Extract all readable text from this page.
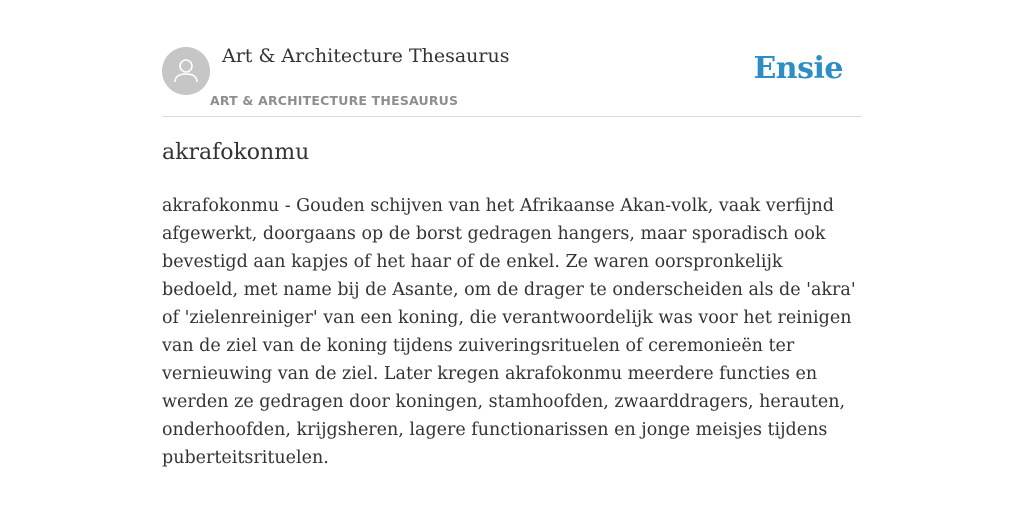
Art & Architecture Thesaurus
ART & ARCHITECTURE THESAURUS
Ensie
akrafokonmu

akrafokonmu - Gouden schijven van het Afrikaanse Akan-volk, vaak verfijnd afgewerkt, doorgaans op de borst gedragen hangers, maar sporadisch ook bevestigd aan kapjes of het haar of de enkel. Ze waren oorspronkelijk bedoeld, met name bij de Asante, om de drager te onderscheiden als de 'akra' of 'zielenreiniger' van een koning, die verantwoordelijk was voor het reinigen van de ziel van de koning tijdens zuiveringsrituelen of ceremonieën ter vernieuwing van de ziel. Later kregen akrafokonmu meerdere functies en werden ze gedragen door koningen, stamhoofden, zwaarddragers, herauten, onderhoofden, krijgsheren, lagere functionarissen en jonge meisjes tijdens puberteitsrituelen.
